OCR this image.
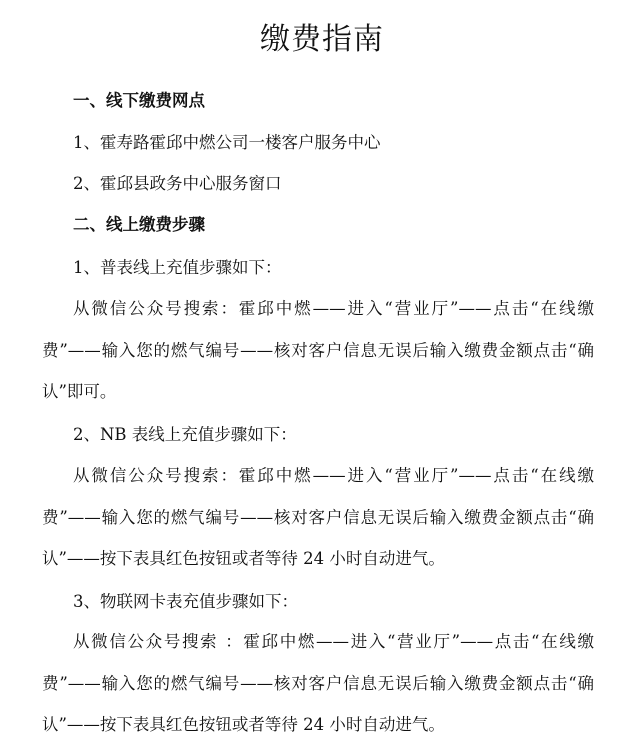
缴费指南
一、线下缴费网点
1、霍寿路霍邱中燃公司一楼客户服务中心
2、霍邱县政务中心服务窗口
二、线上缴费步骤
1、普表线上充值步骤如下：
从微信公众号搜索：霍邱中燃——进入“营业厅”——点击“在线缴费”——输入您的燃气编号——核对客户信息无误后输入缴费金额点击“确认”即可。
2、NB 表线上充值步骤如下：
从微信公众号搜索：霍邱中燃——进入“营业厅”——点击“在线缴费”——输入您的燃气编号——核对客户信息无误后输入缴费金额点击“确认”——按下表具红色按钮或者等待 24 小时自动进气。
3、物联网卡表充值步骤如下：
从微信公众号搜索 ：霍邱中燃——进入“营业厅”——点击“在线缴费”——输入您的燃气编号——核对客户信息无误后输入缴费金额点击“确认”——按下表具红色按钮或者等待 24 小时自动进气。
